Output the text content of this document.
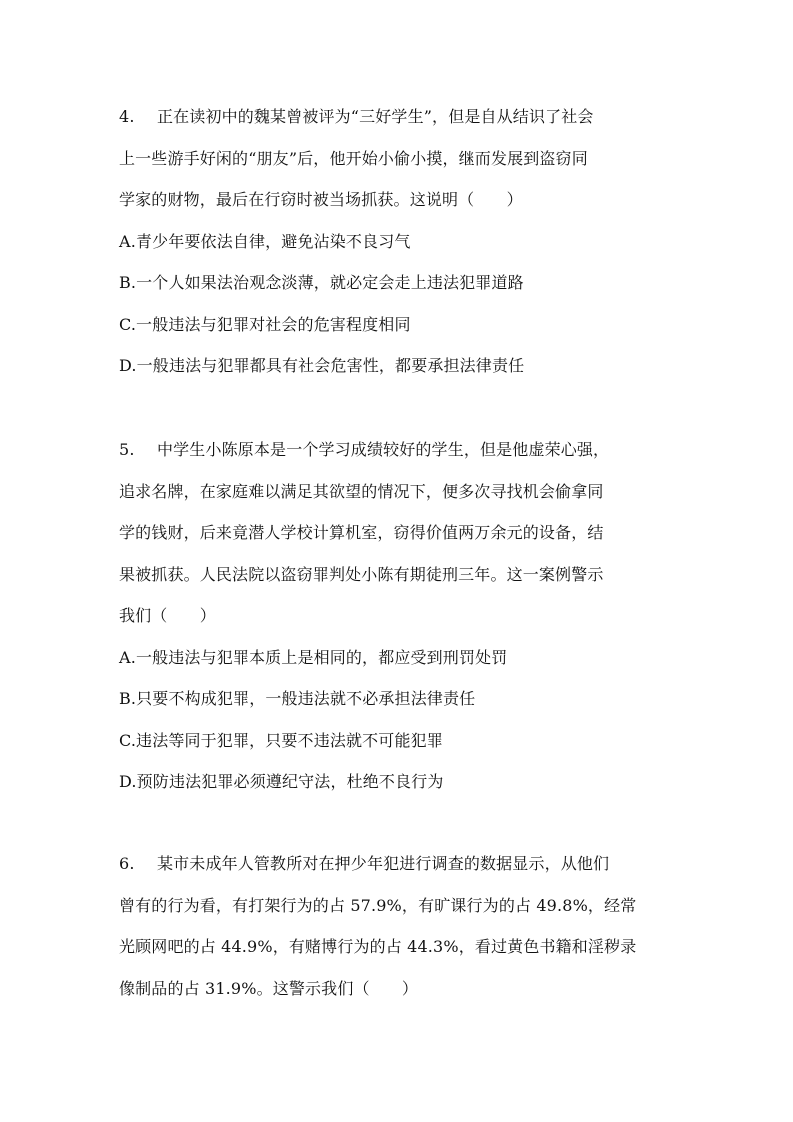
4. 正在读初中的魏某曾被评为“三好学生”，但是自从结识了社会
上一些游手好闲的“朋友”后，他开始小偷小摸，继而发展到盗窃同
学家的财物，最后在行窃时被当场抓获。这说明（　　）
A.青少年要依法自律，避免沾染不良习气
B.一个人如果法治观念淡薄，就必定会走上违法犯罪道路
C.一般违法与犯罪对社会的危害程度相同
D.一般违法与犯罪都具有社会危害性，都要承担法律责任
5. 中学生小陈原本是一个学习成绩较好的学生，但是他虚荣心强，
追求名牌，在家庭难以满足其欲望的情况下，便多次寻找机会偷拿同
学的钱财，后来竟潜人学校计算机室，窃得价值两万余元的设备，结
果被抓获。人民法院以盗窃罪判处小陈有期徒刑三年。这一案例警示
我们（　　）
A.一般违法与犯罪本质上是相同的，都应受到刑罚处罚
B.只要不构成犯罪，一般违法就不必承担法律责任
C.违法等同于犯罪，只要不违法就不可能犯罪
D.预防违法犯罪必须遵纪守法，杜绝不良行为
6. 某市未成年人管教所对在押少年犯进行调查的数据显示，从他们
曾有的行为看，有打架行为的占 57.9%，有旷课行为的占 49.8%，经常
光顾网吧的占 44.9%，有赌博行为的占 44.3%，看过黄色书籍和淫秽录
像制品的占 31.9%。这警示我们（　　）
